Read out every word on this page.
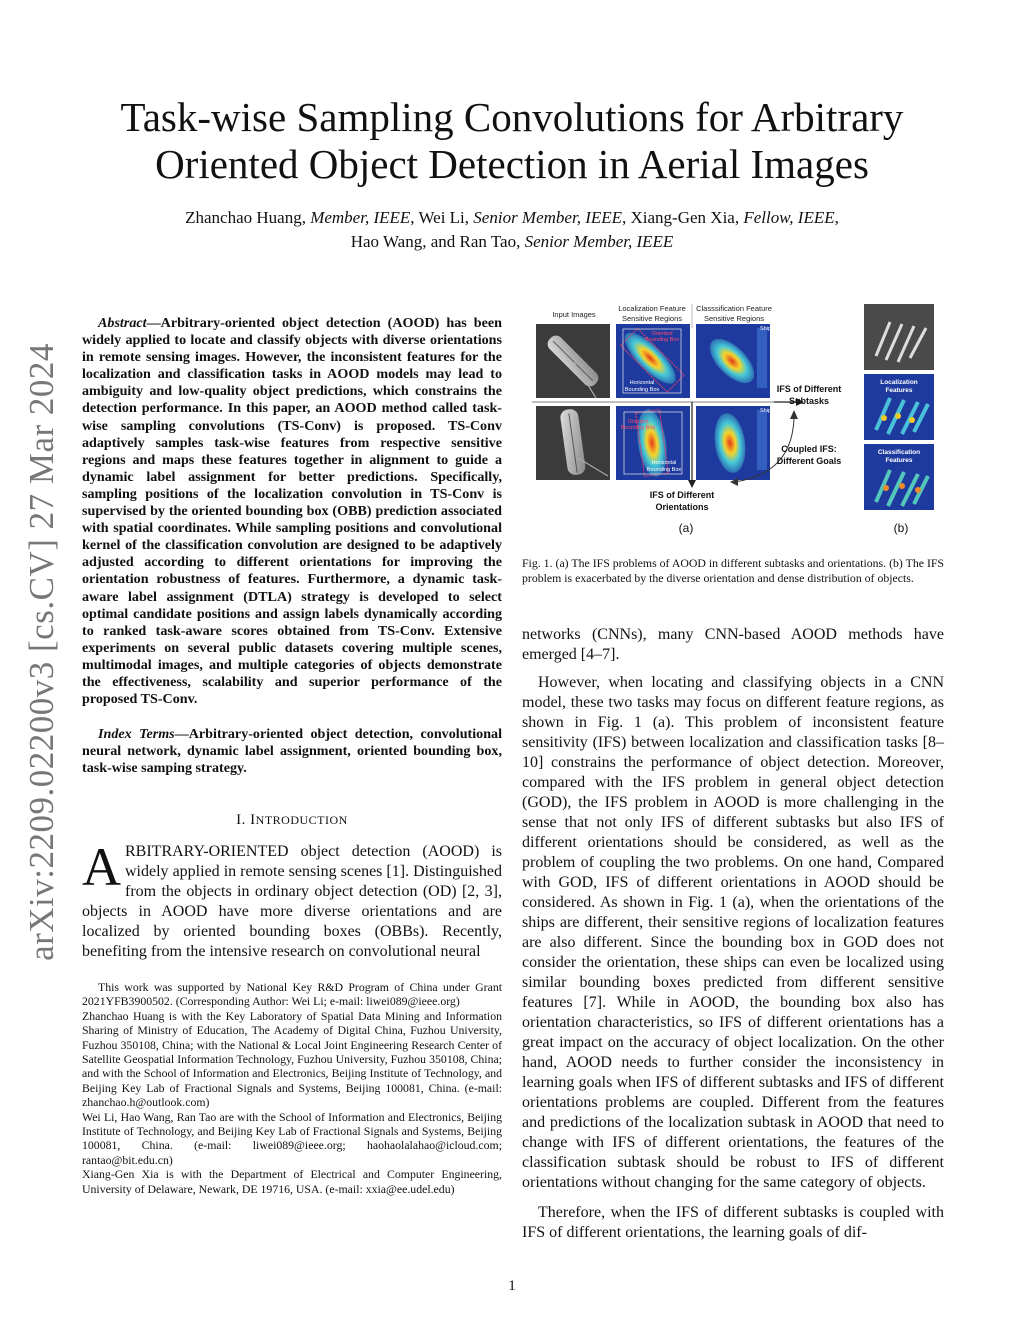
arXiv:2209.02200v3 [cs.CV] 27 Mar 2024
Task-wise Sampling Convolutions for Arbitrary Oriented Object Detection in Aerial Images
Zhanchao Huang, Member, IEEE, Wei Li, Senior Member, IEEE, Xiang-Gen Xia, Fellow, IEEE,
Hao Wang, and Ran Tao, Senior Member, IEEE
Abstract—Arbitrary-oriented object detection (AOOD) has been widely applied to locate and classify objects with diverse orientations in remote sensing images. However, the inconsistent features for the localization and classification tasks in AOOD models may lead to ambiguity and low-quality object predictions, which constrains the detection performance. In this paper, an AOOD method called task-wise sampling convolutions (TS-Conv) is proposed. TS-Conv adaptively samples task-wise features from respective sensitive regions and maps these features together in alignment to guide a dynamic label assignment for better predictions. Specifically, sampling positions of the localization convolution in TS-Conv is supervised by the oriented bounding box (OBB) prediction associated with spatial coordinates. While sampling positions and convolutional kernel of the classification convolution are designed to be adaptively adjusted according to different orientations for improving the orientation robustness of features. Furthermore, a dynamic task-aware label assignment (DTLA) strategy is developed to select optimal candidate positions and assign labels dynamically according to ranked task-aware scores obtained from TS-Conv. Extensive experiments on several public datasets covering multiple scenes, multimodal images, and multiple categories of objects demonstrate the effectiveness, scalability and superior performance of the proposed TS-Conv.
Index Terms—Arbitrary-oriented object detection, convolutional neural network, dynamic label assignment, oriented bounding box, task-wise samping strategy.
I. INTRODUCTION
ARBITRARY-ORIENTED object detection (AOOD) is widely applied in remote sensing scenes [1]. Distinguished from the objects in ordinary object detection (OD) [2, 3], objects in AOOD have more diverse orientations and are localized by oriented bounding boxes (OBBs). Recently, benefiting from the intensive research on convolutional neural

This work was supported by National Key R&D Program of China under Grant 2021YFB3900502. (Corresponding Author: Wei Li; e-mail: liwei089@ieee.org)

Zhanchao Huang is with the Key Laboratory of Spatial Data Mining and Information Sharing of Ministry of Education, The Academy of Digital China, Fuzhou University, Fuzhou 350108, China; with the National & Local Joint Engineering Research Center of Satellite Geospatial Information Technology, Fuzhou University, Fuzhou 350108, China; and with the School of Information and Electronics, Beijing Institute of Technology, and Beijing Key Lab of Fractional Signals and Systems, Beijing 100081, China. (e-mail: zhanchao.h@outlook.com)

Wei Li, Hao Wang, Ran Tao are with the School of Information and Electronics, Beijing Institute of Technology, and Beijing Key Lab of Fractional Signals and Systems, Beijing 100081, China. (e-mail: liwei089@ieee.org; haohaolalahao@icloud.com; rantao@bit.edu.cn)

Xiang-Gen Xia is with the Department of Electrical and Computer Engineering, University of Delaware, Newark, DE 19716, USA. (e-mail: xxia@ee.udel.edu)

Input Images
Localization Feature
Sensitive Regions
Classsification Feature
Sensitive Regions
Oriented
Bounding Box
Horizontal
Bounding Box
Ship
Oriented
Bounding Box
Horizontal
Bounding Box
Ship
IFS of Different
Subtasks
Coupled IFS:
Different Goals
IFS of Different
Orientations
(a)	(b)
Localization
Features
Classification
Features
Fig. 1. (a) The IFS problems of AOOD in different subtasks and orientations. (b) The IFS problem is exacerbated by the diverse orientation and dense distribution of objects.

networks (CNNs), many CNN-based AOOD methods have emerged [4–7].

However, when locating and classifying objects in a CNN model, these two tasks may focus on different feature regions, as shown in Fig. 1 (a). This problem of inconsistent feature sensitivity (IFS) between localization and classification tasks [8–10] constrains the performance of object detection. Moreover, compared with the IFS problem in general object detection (GOD), the IFS problem in AOOD is more challenging in the sense that not only IFS of different subtasks but also IFS of different orientations should be considered, as well as the problem of coupling the two problems. On one hand, Compared with GOD, IFS of different orientations in AOOD should be considered. As shown in Fig. 1 (a), when the orientations of the ships are different, their sensitive regions of localization features are also different. Since the bounding box in GOD does not consider the orientation, these ships can even be localized using similar bounding boxes predicted from different sensitive features [7]. While in AOOD, the bounding box also has orientation characteristics, so IFS of different orientations has a great impact on the accuracy of object localization. On the other hand, AOOD needs to further consider the inconsistency in learning goals when IFS of different subtasks and IFS of different orientations problems are coupled. Different from the features and predictions of the localization subtask in AOOD that need to change with IFS of different orientations, the features of the classification subtask should be robust to IFS of different orientations without changing for the same category of objects.

Therefore, when the IFS of different subtasks is coupled with IFS of different orientations, the learning goals of dif-

1
